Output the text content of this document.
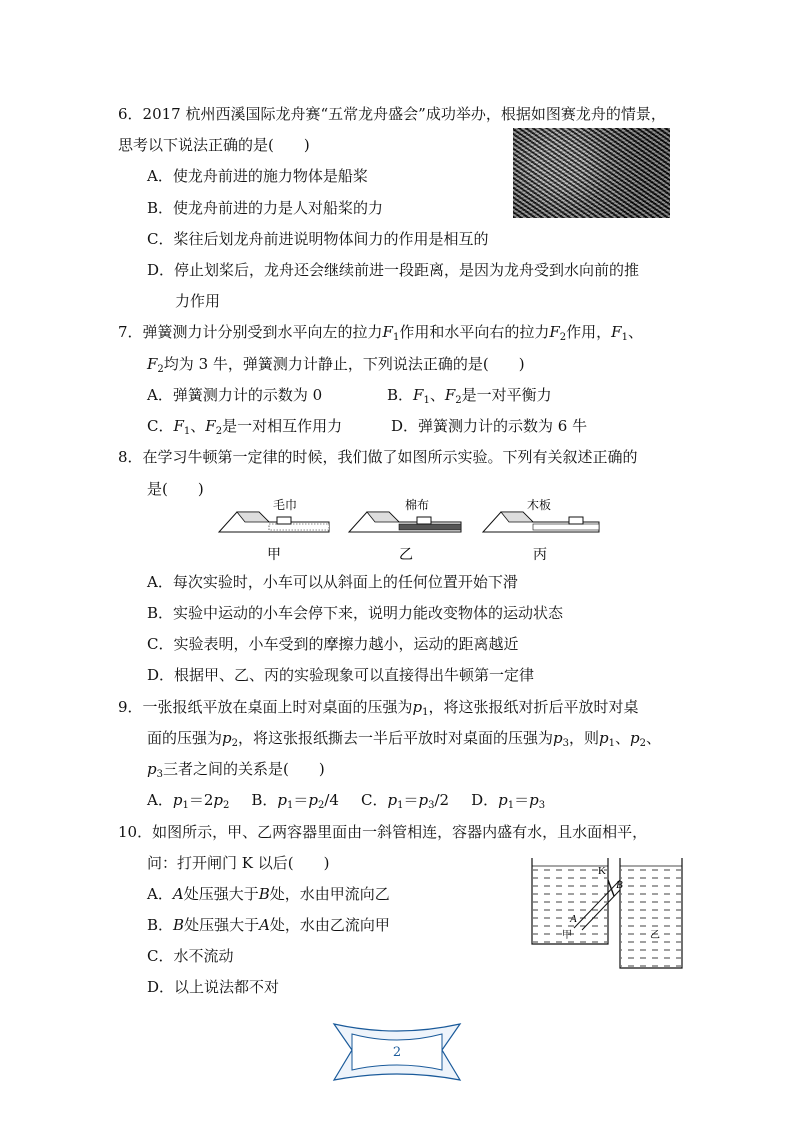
6．2017 杭州西溪国际龙舟赛“五常龙舟盛会”成功举办，根据如图赛龙舟的情景，
思考以下说法正确的是(　　)
A．使龙舟前进的施力物体是船桨
B．使龙舟前进的力是人对船桨的力
C．桨往后划龙舟前进说明物体间力的作用是相互的
D．停止划桨后，龙舟还会继续前进一段距离，是因为龙舟受到水向前的推
力作用
7．弹簧测力计分别受到水平向左的拉力$F_1$作用和水平向右的拉力$F_2$作用，$F_1$、
$F_2$均为 3 牛，弹簧测力计静止，下列说法正确的是(　　)
A．弹簧测力计的示数为 0	B．$F_1$、$F_2$是一对平衡力
C．$F_1$、$F_2$是一对相互作用力	D．弹簧测力计的示数为 6 牛
8．在学习牛顿第一定律的时候，我们做了如图所示实验。下列有关叙述正确的
是(　　)
毛巾
甲
棉布
乙
木板
丙
A．每次实验时，小车可以从斜面上的任何位置开始下滑
B．实验中运动的小车会停下来，说明力能改变物体的运动状态
C．实验表明，小车受到的摩擦力越小，运动的距离越近
D．根据甲、乙、丙的实验现象可以直接得出牛顿第一定律
9．一张报纸平放在桌面上时对桌面的压强为$p_1$，将这张报纸对折后平放时对桌
面的压强为$p_2$，将这张报纸撕去一半后平放时对桌面的压强为$p_3$，则$p_1$、$p_2$、
$p_3$三者之间的关系是(　　)
A．$p_1=2p_2$ B．$p_1=p_2/4$ C．$p_1=p_3/2$ D．$p_1=p_3$
10．如图所示，甲、乙两容器里面由一斜管相连，容器内盛有水，且水面相平，
问：打开闸门 K 以后(　　)
A．A处压强大于B处，水由甲流向乙
B．B处压强大于A处，水由乙流向甲
C．水不流动
D．以上说法都不对
K
B
A
甲	乙
2
